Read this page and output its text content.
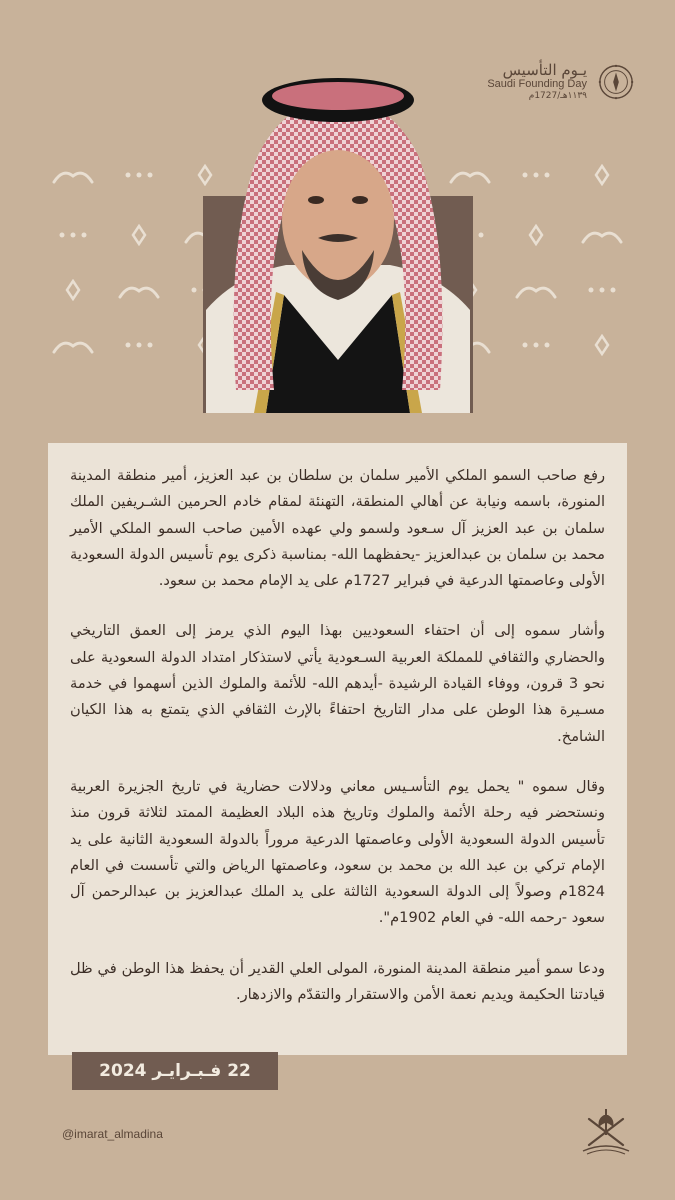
يـوم التأسيس
Saudi Founding Day
١١٣٩هـ/1727م

رفع صاحب السمو الملكي الأمير سلمان بن سلطان بن عبد العزيز، أمير منطقة المدينة المنورة، باسمه ونيابة عن أهالي المنطقة، التهنئة لمقام خادم الحرمين الشـريفين الملك سلمان بن عبد العزيز آل سـعود ولسمو ولي عهده الأمين صاحب السمو الملكي الأمير محمد بن سلمان بن عبدالعزيز -يحفظهما الله- بمناسبة ذكرى يوم تأسيس الدولة السعودية الأولى وعاصمتها الدرعية في فبراير 1727م على يد الإمام محمد بن سعود.

وأشار سموه إلى أن احتفاء السعوديين بهذا اليوم الذي يرمز إلى العمق التاريخي والحضاري والثقافي للمملكة العربية السـعودية يأتي لاستذكار امتداد الدولة السعودية على نحو 3 قرون، ووفاء القيادة الرشيدة -أيدهم الله- للأئمة والملوك الذين أسهموا في خدمة مسـيرة هذا الوطن على مدار التاريخ احتفاءً بالإرث الثقافي الذي يتمتع به هذا الكيان الشامخ.

وقال سموه " يحمل يوم التأسـيس معاني ودلالات حضارية في تاريخ الجزيرة العربية ونستحضر فيه رحلة الأئمة والملوك وتاريخ هذه البلاد العظيمة الممتد لثلاثة قرون منذ تأسيس الدولة السعودية الأولى وعاصمتها الدرعية مروراً بالدولة السعودية الثانية على يد الإمام تركي بن عبد الله بن محمد بن سعود، وعاصمتها الرياض والتي تأسست في العام 1824م وصولاً إلى الدولة السعودية الثالثة على يد الملك عبدالعزيز بن عبدالرحمن آل سعود -رحمه الله- في العام 1902م".

ودعا سمو أمير منطقة المدينة المنورة، المولى العلي القدير أن يحفظ هذا الوطن في ظل قيادتنا الحكيمة ويديم نعمة الأمن والاستقرار والتقدّم والازدهار.

22 فـبـرايـر 2024
@imarat_almadina
